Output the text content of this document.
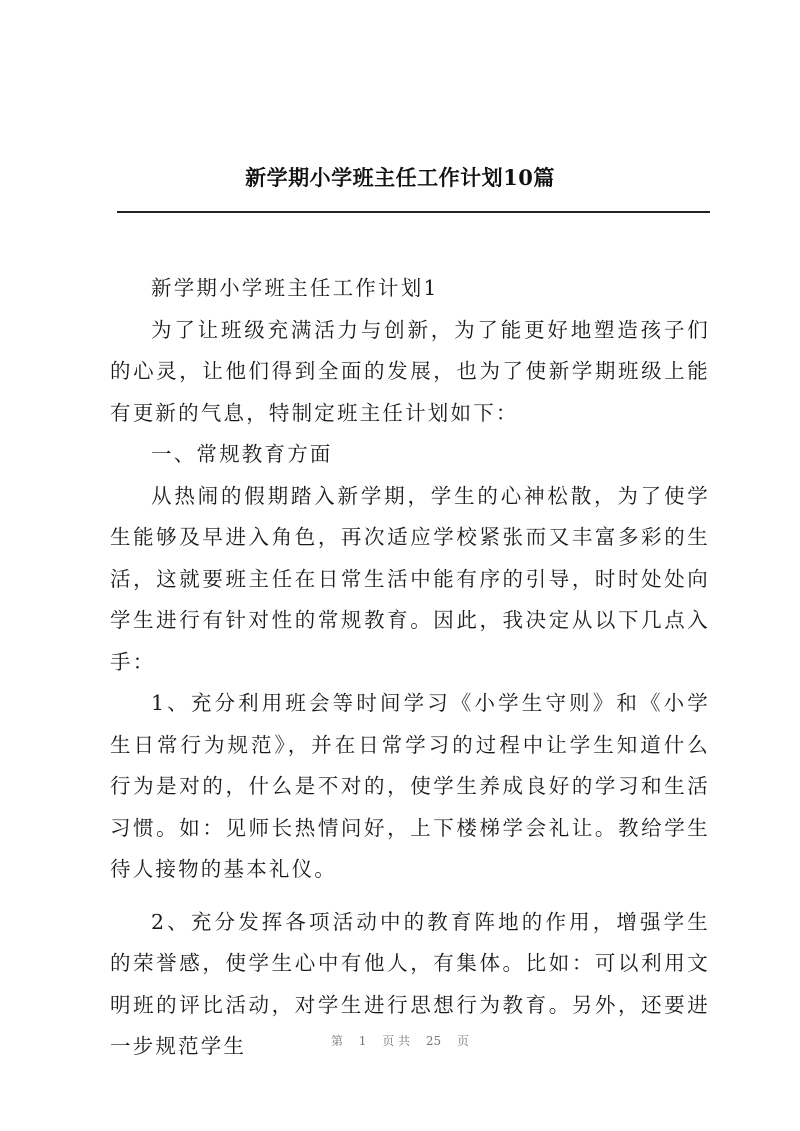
新学期小学班主任工作计划10篇

新学期小学班主任工作计划1

为了让班级充满活力与创新，为了能更好地塑造孩子们的心灵，让他们得到全面的发展，也为了使新学期班级上能有更新的气息，特制定班主任计划如下：

一、常规教育方面

从热闹的假期踏入新学期，学生的心神松散，为了使学生能够及早进入角色，再次适应学校紧张而又丰富多彩的生活，这就要班主任在日常生活中能有序的引导，时时处处向学生进行有针对性的常规教育。因此，我决定从以下几点入手：

1、充分利用班会等时间学习《小学生守则》和《小学生日常行为规范》，并在日常学习的过程中让学生知道什么行为是对的，什么是不对的，使学生养成良好的学习和生活习惯。如：见师长热情问好，上下楼梯学会礼让。教给学生待人接物的基本礼仪。

2、充分发挥各项活动中的教育阵地的作用，增强学生的荣誉感，使学生心中有他人，有集体。比如：可以利用文明班的评比活动，对学生进行思想行为教育。另外，还要进一步规范学生	第 1 页 共 25 页
